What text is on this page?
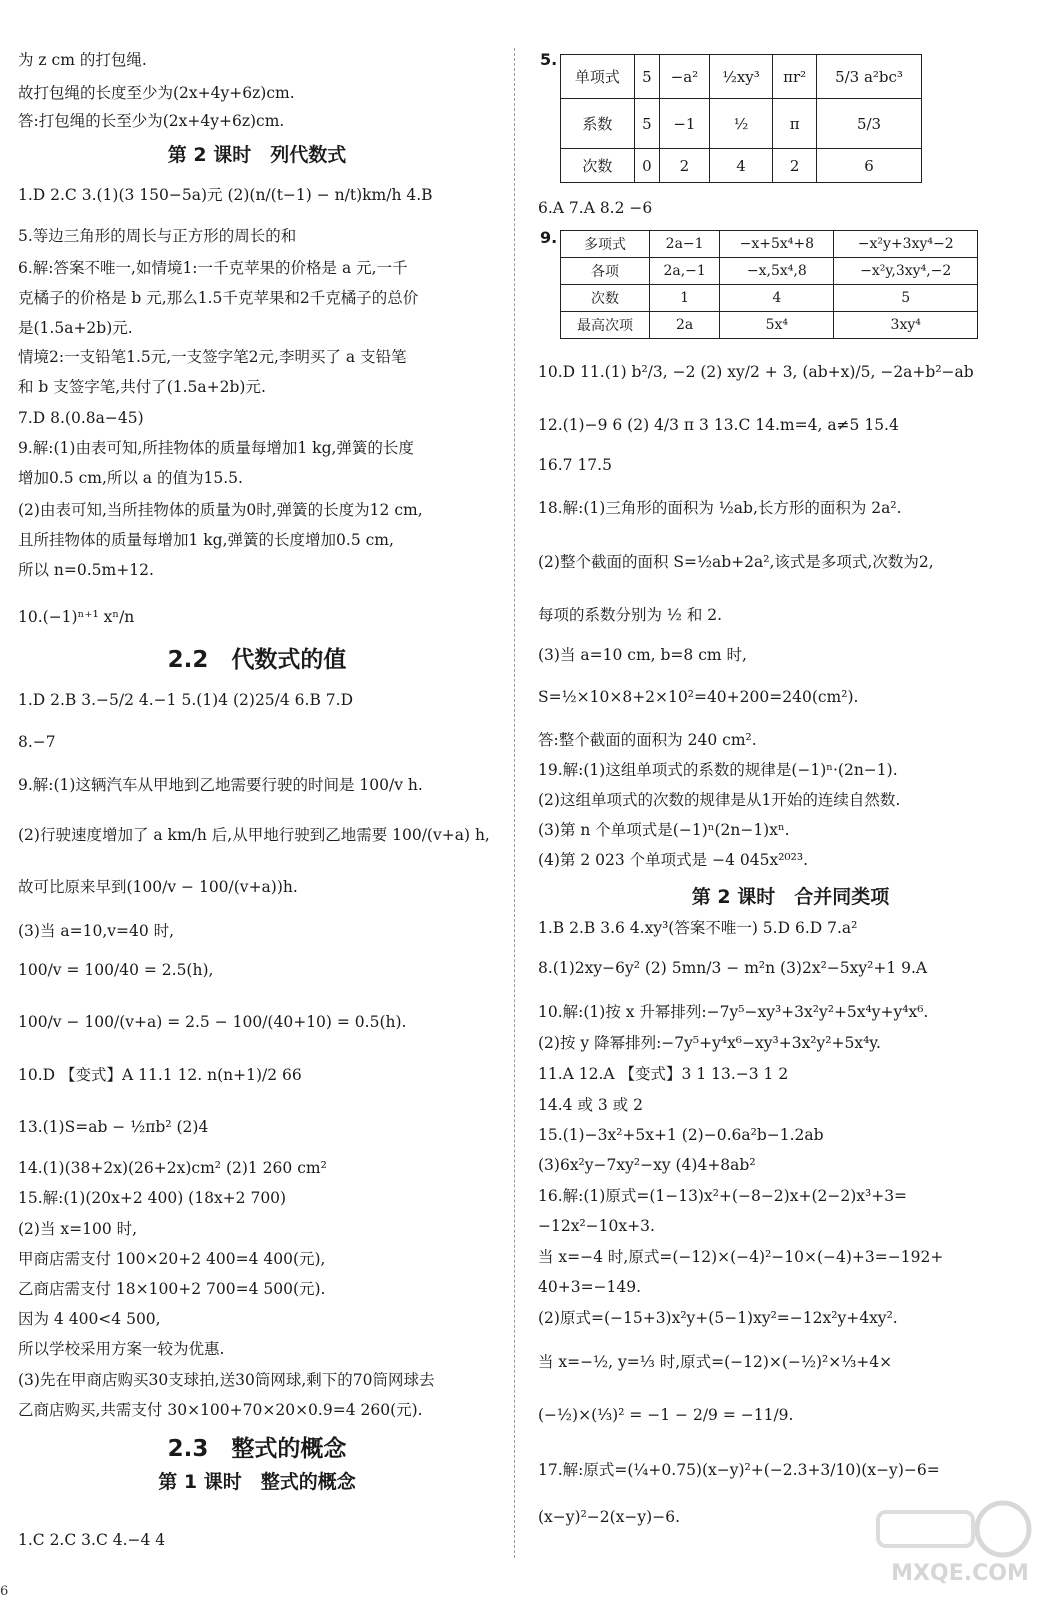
为 z cm 的打包绳.
故打包绳的长度至少为(2x+4y+6z)cm.
答:打包绳的长至少为(2x+4y+6z)cm.
第 2 课时　列代数式
1.D 2.C 3.(1)(3 150−5a)元 (2)(n/(t−1) − n/t)km/h 4.B
5.等边三角形的周长与正方形的周长的和
6.解:答案不唯一,如情境1:一千克苹果的价格是 a 元,一千
克橘子的价格是 b 元,那么1.5千克苹果和2千克橘子的总价
是(1.5a+2b)元.
情境2:一支铅笔1.5元,一支签字笔2元,李明买了 a 支铅笔
和 b 支签字笔,共付了(1.5a+2b)元.
7.D 8.(0.8a−45)
9.解:(1)由表可知,所挂物体的质量每增加1 kg,弹簧的长度
增加0.5 cm,所以 a 的值为15.5.
(2)由表可知,当所挂物体的质量为0时,弹簧的长度为12 cm,
且所挂物体的质量每增加1 kg,弹簧的长度增加0.5 cm,
所以 n=0.5m+12.
10.(−1)ⁿ⁺¹ xⁿ/n
2.2　代数式的值
1.D 2.B 3.−5/2 4.−1 5.(1)4 (2)25/4 6.B 7.D
8.−7
9.解:(1)这辆汽车从甲地到乙地需要行驶的时间是 100/v h.
(2)行驶速度增加了 a km/h 后,从甲地行驶到乙地需要 100/(v+a) h,
故可比原来早到(100/v − 100/(v+a))h.
(3)当 a=10,v=40 时,
100/v = 100/40 = 2.5(h),
100/v − 100/(v+a) = 2.5 − 100/(40+10) = 0.5(h).
10.D 【变式】A 11.1 12. n(n+1)/2 66
13.(1)S=ab − ½πb² (2)4
14.(1)(38+2x)(26+2x)cm² (2)1 260 cm²
15.解:(1)(20x+2 400) (18x+2 700)
(2)当 x=100 时,
甲商店需支付 100×20+2 400=4 400(元),
乙商店需支付 18×100+2 700=4 500(元).
因为 4 400<4 500,
所以学校采用方案一较为优惠.
(3)先在甲商店购买30支球拍,送30筒网球,剩下的70筒网球去
乙商店购买,共需支付 30×100+70×20×0.9=4 260(元).
2.3　整式的概念
第 1 课时　整式的概念
1.C 2.C 3.C 4.−4 4
5.
单项式	5	−a²	½xy³	πr²	5/3 a²bc³
系数	5	−1	½	π	5/3
次数	0	2	4	2	6
6.A 7.A 8.2 −6
9. 多项式	2a−1	−x+5x⁴+8	−x²y+3xy⁴−2
各项	2a,−1	−x,5x⁴,8	−x²y,3xy⁴,−2
次数	1	4	5
最高次项	2a	5x⁴	3xy⁴
10.D 11.(1) b²/3, −2 (2) xy/2 + 3, (ab+x)/5, −2a+b²−ab
12.(1)−9 6 (2) 4/3 π 3 13.C 14.m=4, a≠5 15.4
16.7 17.5
18.解:(1)三角形的面积为 ½ab,长方形的面积为 2a².
(2)整个截面的面积 S=½ab+2a²,该式是多项式,次数为2,
每项的系数分别为 ½ 和 2.
(3)当 a=10 cm, b=8 cm 时,
S=½×10×8+2×10²=40+200=240(cm²).
答:整个截面的面积为 240 cm².
19.解:(1)这组单项式的系数的规律是(−1)ⁿ·(2n−1).
(2)这组单项式的次数的规律是从1开始的连续自然数.
(3)第 n 个单项式是(−1)ⁿ(2n−1)xⁿ.
(4)第 2 023 个单项式是 −4 045x²⁰²³.
第 2 课时　合并同类项
1.B 2.B 3.6 4.xy³(答案不唯一) 5.D 6.D 7.a²
8.(1)2xy−6y² (2) 5mn/3 − m²n (3)2x²−5xy²+1 9.A
10.解:(1)按 x 升幂排列:−7y⁵−xy³+3x²y²+5x⁴y+y⁴x⁶.
(2)按 y 降幂排列:−7y⁵+y⁴x⁶−xy³+3x²y²+5x⁴y.
11.A 12.A 【变式】3 1 13.−3 1 2
14.4 或 3 或 2
15.(1)−3x²+5x+1 (2)−0.6a²b−1.2ab
(3)6x²y−7xy²−xy (4)4+8ab²
16.解:(1)原式=(1−13)x²+(−8−2)x+(2−2)x³+3=
−12x²−10x+3.
当 x=−4 时,原式=(−12)×(−4)²−10×(−4)+3=−192+
40+3=−149.
(2)原式=(−15+3)x²y+(5−1)xy²=−12x²y+4xy².
当 x=−½, y=⅓ 时,原式=(−12)×(−½)²×⅓+4×
(−½)×(⅓)² = −1 − 2/9 = −11/9.
17.解:原式=(¼+0.75)(x−y)²+(−2.3+3/10)(x−y)−6=
(x−y)²−2(x−y)−6.
6
MXQE.COM
